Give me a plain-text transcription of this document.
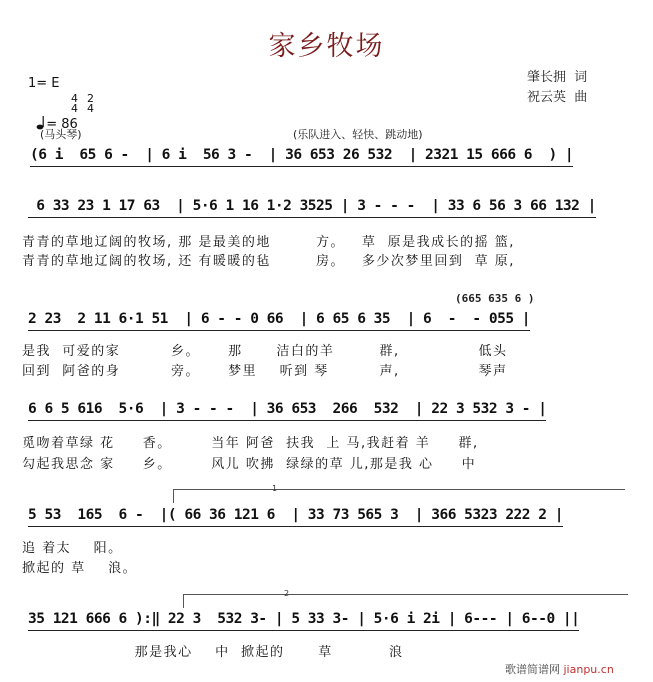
家乡牧场
肇长拥  词
祝云英  曲
1= E

4
4

2
4

= 86

(马头琴)	(乐队进入、轻快、跳动地)
(6 i  65 6 -  | 6 i  56 3 -  | 36 653 26 532  | 2321 15 666 6  ) |
6 33 23 1 17 63  | 5·6 1 16 1·2 3525 | 3 - - -  | 33 6 56 3 66 132 |
青青的草地辽阔的牧场, 那 是最美的地        方。   草  原是我成长的摇 篮,
青青的草地辽阔的牧场, 还 有暖暖的毡        房。   多少次梦里回到  草 原,
(665 635 6 )
2 23  2 11 6·1 51  | 6 - - 0 66  | 6 65 6 35  | 6  -  - 055 |
是我  可爱的家         乡。     那      洁白的羊        群,              低头
回到  阿爸的身         旁。     梦里    听到 琴         声,              琴声
6 6 5 616  5·6  | 3 - - -  | 36 653  266  532  | 22 3 532 3 - |
觅吻着草绿 花     香。       当年 阿爸  扶我  上 马,我赶着 羊     群,
勾起我思念 家     乡。       风儿 吹拂  绿绿的草 儿,那是我 心     中
1
5 53  165  6 -  |( 66 36 121 6  | 33 73 565 3  | 366 5323 222 2 |
追 着太    阳。
掀起的 草    浪。
2
35 121 666 6 ):‖ 22 3  532 3- | 5 33 3- | 5·6 i 2i | 6--- | 6--0 ||
那是我心    中  掀起的      草          浪
歌谱简谱网 jianpu.cn
